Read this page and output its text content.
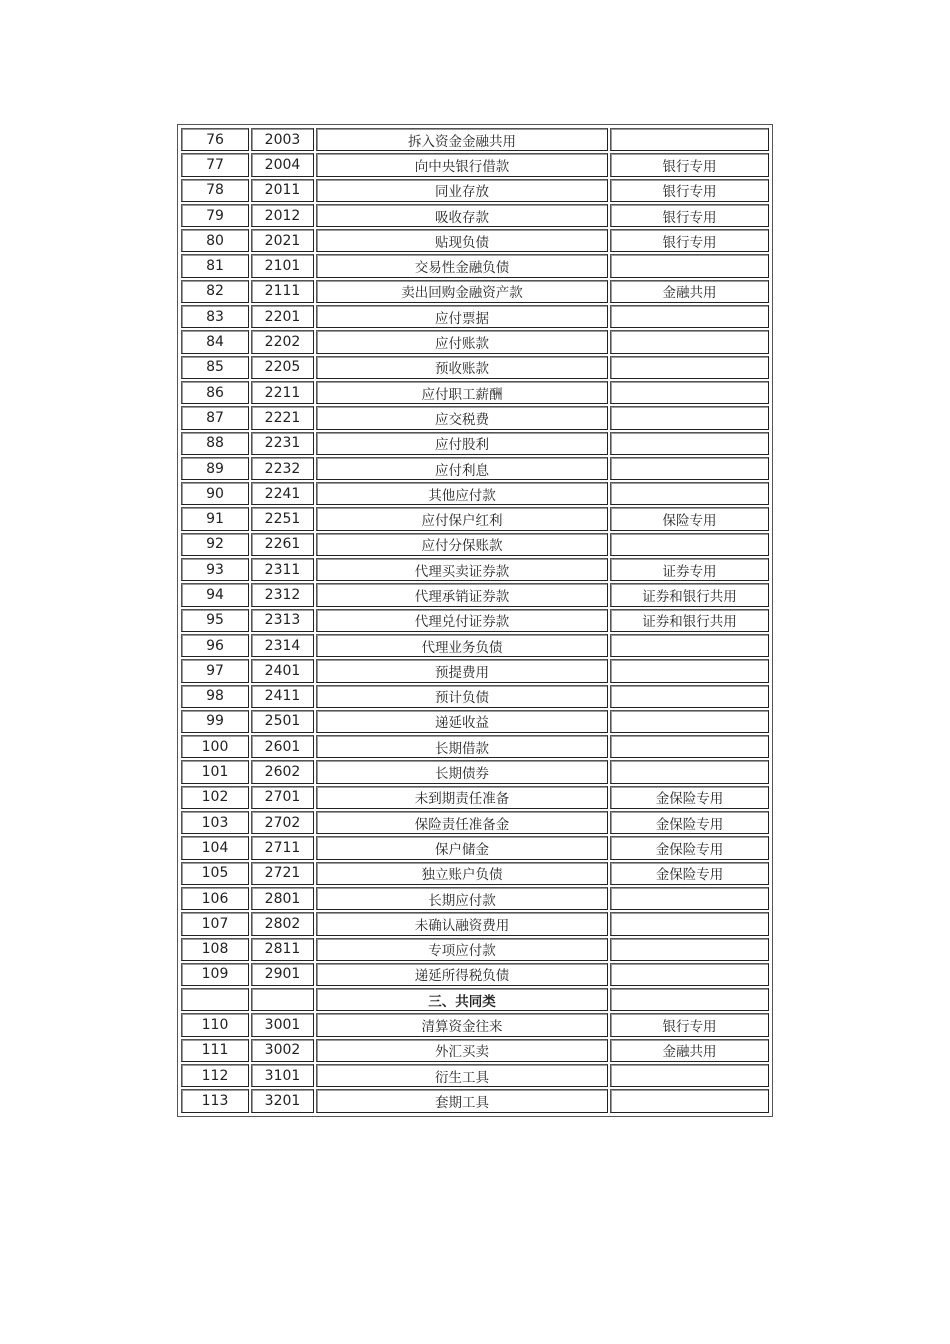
76	2003	拆入资金金融共用	
77	2004	向中央银行借款	银行专用
78	2011	同业存放	银行专用
79	2012	吸收存款	银行专用
80	2021	贴现负债	银行专用
81	2101	交易性金融负债	
82	2111	卖出回购金融资产款	金融共用
83	2201	应付票据	
84	2202	应付账款	
85	2205	预收账款	
86	2211	应付职工薪酬	
87	2221	应交税费	
88	2231	应付股利	
89	2232	应付利息	
90	2241	其他应付款	
91	2251	应付保户红利	保险专用
92	2261	应付分保账款	
93	2311	代理买卖证券款	证券专用
94	2312	代理承销证券款	证券和银行共用
95	2313	代理兑付证券款	证券和银行共用
96	2314	代理业务负债	
97	2401	预提费用	
98	2411	预计负债	
99	2501	递延收益	
100	2601	长期借款	
101	2602	长期债券	
102	2701	未到期责任准备	金保险专用
103	2702	保险责任准备金	金保险专用
104	2711	保户储金	金保险专用
105	2721	独立账户负债	金保险专用
106	2801	长期应付款	
107	2802	未确认融资费用	
108	2811	专项应付款	
109	2901	递延所得税负债	
		三、共同类	
110	3001	清算资金往来	银行专用
111	3002	外汇买卖	金融共用
112	3101	衍生工具	
113	3201	套期工具	
